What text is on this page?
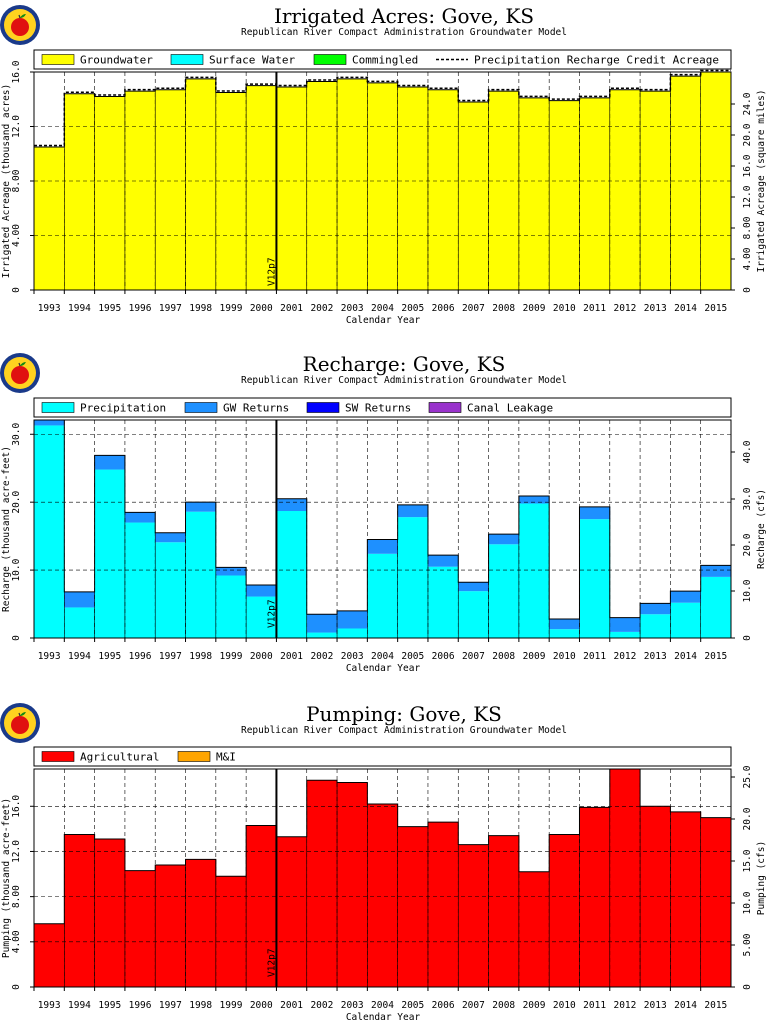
Irrigated Acres: Gove, KS
Republican River Compact Administration Groundwater Model
Groundwater	Surface Water	Commingled	Precipitation Recharge Credit Acreage
V12p7
0
4.00
8.00
12.0
16.0
0
4.00
8.00
12.0
16.0
20.0
24.0
Irrigated Acreage (thousand acres)	Irrigated Acreage (square miles)
1993 1994 1995 1996 1997 1998 1999 2000 2001 2002 2003 2004 2005 2006 2007 2008 2009 2010 2011 2012 2013 2014 2015
Calendar Year
Recharge: Gove, KS
Republican River Compact Administration Groundwater Model
Precipitation	GW Returns	SW Returns	Canal Leakage
V12p7
0
10.0
20.0
30.0
0
10.0
20.0
30.0
40.0
Recharge (thousand acre-feet)	Recharge (cfs)
1993 1994 1995 1996 1997 1998 1999 2000 2001 2002 2003 2004 2005 2006 2007 2008 2009 2010 2011 2012 2013 2014 2015
Calendar Year
Pumping: Gove, KS
Republican River Compact Administration Groundwater Model
Agricultural	M&I
V12p7
0
4.00
8.00
12.0
16.0
0
5.00
10.0
15.0
20.0
25.0
Pumping (thousand acre-feet)	Pumping (cfs)
1993 1994 1995 1996 1997 1998 1999 2000 2001 2002 2003 2004 2005 2006 2007 2008 2009 2010 2011 2012 2013 2014 2015
Calendar Year
